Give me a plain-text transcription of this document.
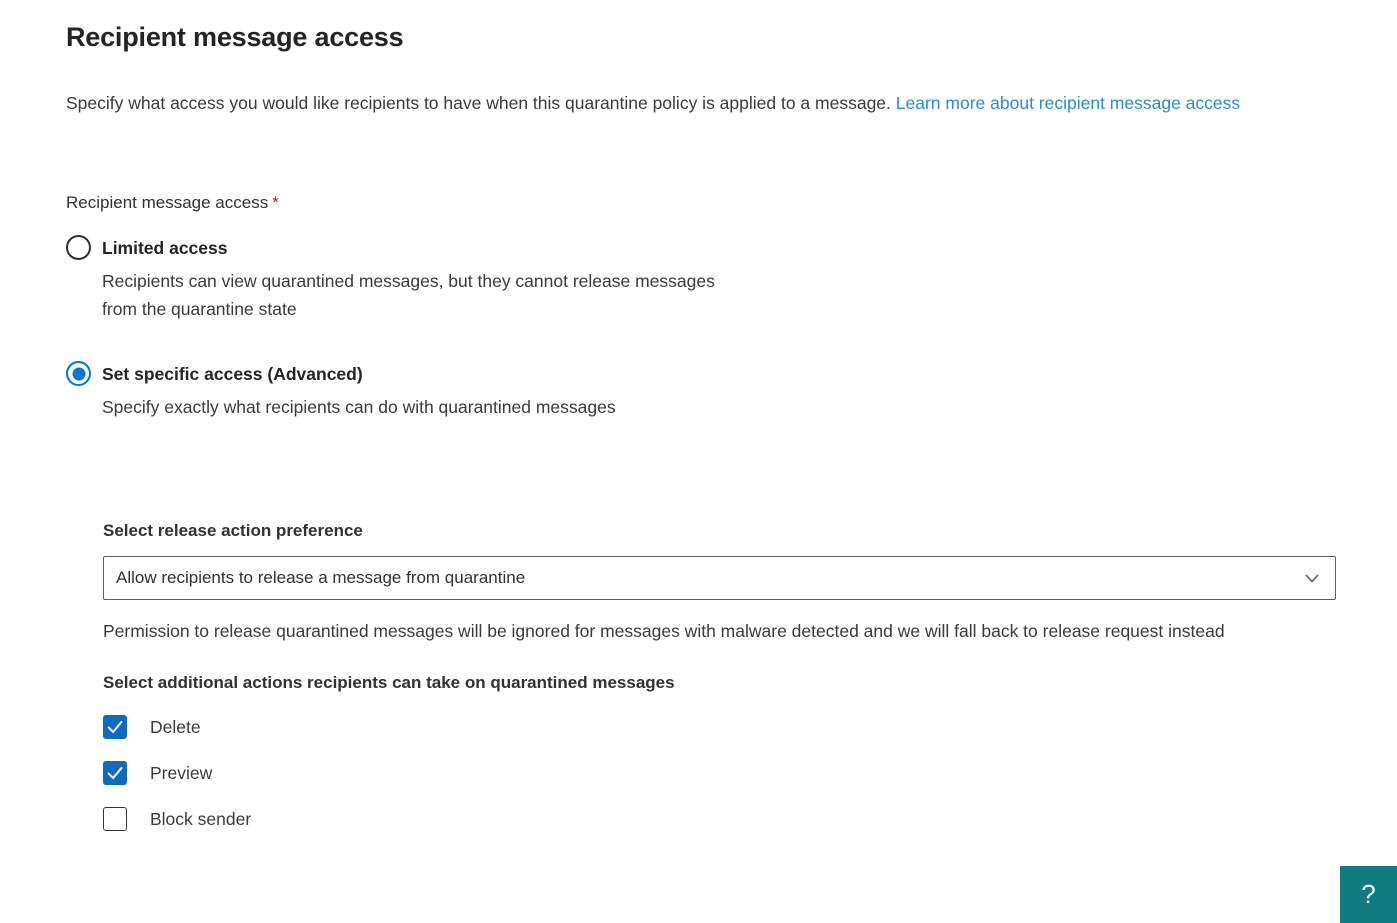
Recipient message access

Specify what access you would like recipients to have when this quarantine policy is applied to a message. Learn more about recipient message access

Recipient message access *
Limited access
Recipients can view quarantined messages, but they cannot release messages from the quarantine state
Set specific access (Advanced)
Specify exactly what recipients can do with quarantined messages
Select release action preference
Allow recipients to release a message from quarantine

Permission to release quarantined messages will be ignored for messages with malware detected and we will fall back to release request instead

Select additional actions recipients can take on quarantined messages
Delete
Preview
Block sender
?
